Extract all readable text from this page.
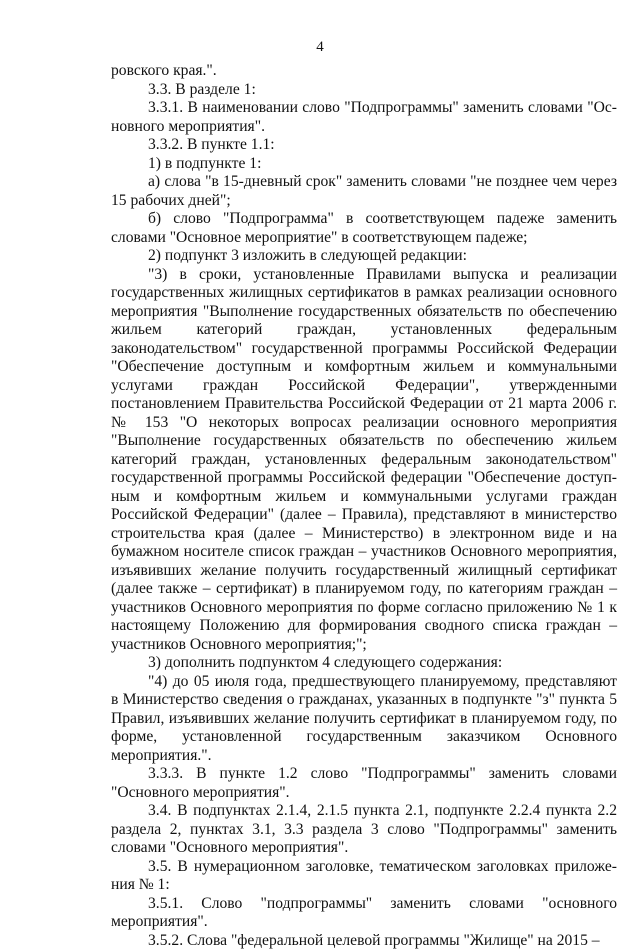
4

ровского края.".

3.3. В разделе 1:

3.3.1. В наименовании слово "Подпрограммы" заменить словами "Основного мероприятия".

3.3.2. В пункте 1.1:

1) в подпункте 1:

а) слова "в 15-дневный срок" заменить словами "не позднее чем через 15 рабочих дней";

б) слово "Подпрограмма" в соответствующем падеже заменить словами "Основное мероприятие" в соответствующем падеже;

2) подпункт 3 изложить в следующей редакции:

"3) в сроки, установленные Правилами выпуска и реализации государственных жилищных сертификатов в рамках реализации основного мероприятия "Выполнение государственных обязательств по обеспечению жильем категорий граждан, установленных федеральным законодательством" государственной программы Российской Федерации "Обеспечение доступным и комфортным жильем и коммунальными услугами граждан Российской Федерации", утвержденными постановлением Правительства Российской Федерации от 21 марта 2006 г. № 153 "О некоторых вопросах реализации основного мероприятия "Выполнение государственных обязательств по обеспечению жильем категорий граждан, установленных федеральным законодательством" государственной программы Российской федерации "Обеспечение доступным и комфортным жильем и коммунальными услугами граждан Российской Федерации" (далее – Правила), представляют в министерство строительства края (далее – Министерство) в электронном виде и на бумажном носителе список граждан – участников Основного мероприятия, изъявивших желание получить государственный жилищный сертификат (далее также – сертификат) в планируемом году, по категориям граждан – участников Основного мероприятия по форме согласно приложению № 1 к настоящему Положению для формирования сводного списка граждан – участников Основного мероприятия;";

3) дополнить подпунктом 4 следующего содержания:

"4) до 05 июля года, предшествующего планируемому, представляют в Министерство сведения о гражданах, указанных в подпункте "з" пункта 5 Правил, изъявивших желание получить сертификат в планируемом году, по форме, установленной государственным заказчиком Основного мероприятия.".

3.3.3. В пункте 1.2 слово "Подпрограммы" заменить словами "Основного мероприятия".

3.4. В подпунктах 2.1.4, 2.1.5 пункта 2.1, подпункте 2.2.4 пункта 2.2 раздела 2, пунктах 3.1, 3.3 раздела 3 слово "Подпрограммы" заменить словами "Основного мероприятия".

3.5. В нумерационном заголовке, тематическом заголовках приложения № 1:

3.5.1. Слово "подпрограммы" заменить словами "основного мероприятия".

3.5.2. Слова "федеральной целевой программы "Жилище" на 2015 –
